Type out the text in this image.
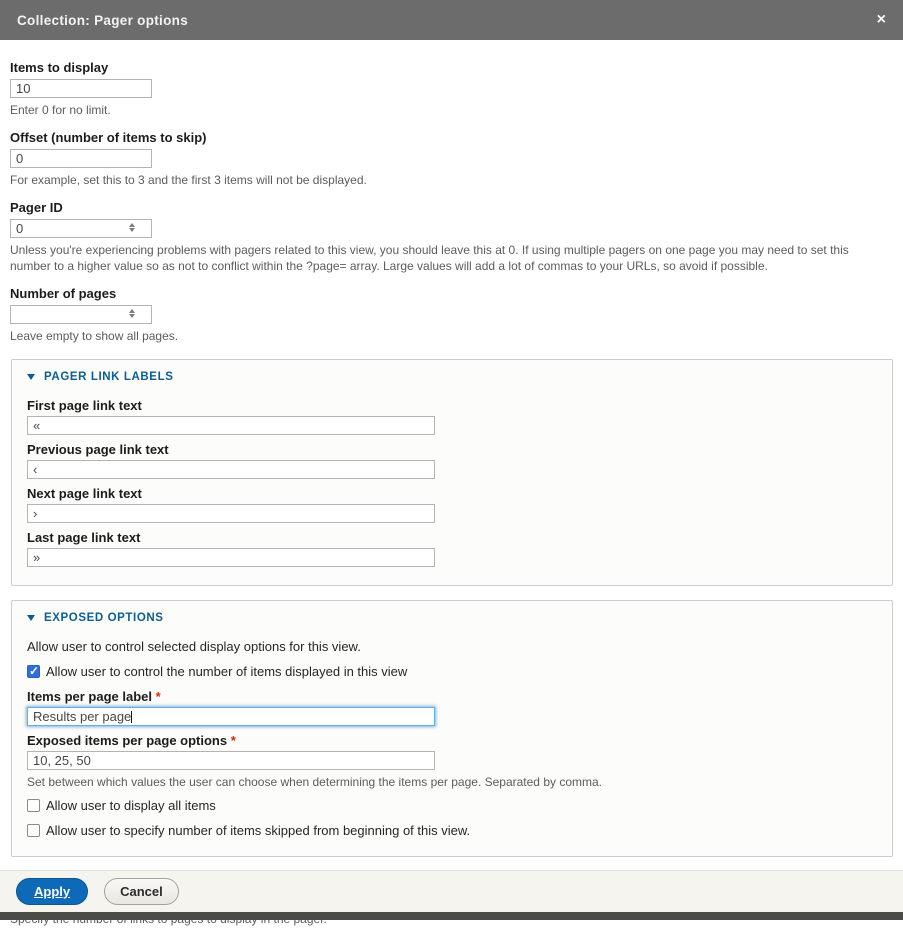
Collection: Pager options	×
Items to display
10
Enter 0 for no limit.
Offset (number of items to skip)
0
For example, set this to 3 and the first 3 items will not be displayed.
Pager ID
0
Unless you're experiencing problems with pagers related to this view, you should leave this at 0. If using multiple pagers on one page you may need to set this number to a higher value so as not to conflict within the ?page= array. Large values will add a lot of commas to your URLs, so avoid if possible.
Number of pages
Leave empty to show all pages.
PAGER LINK LABELS
First page link text
«
Previous page link text
‹
Next page link text
›
Last page link text
»
EXPOSED OPTIONS
Allow user to control selected display options for this view.
✓
Allow user to control the number of items displayed in this view
Items per page label *
Results per page
Exposed items per page options *
10, 25, 50
Set between which values the user can choose when determining the items per page. Separated by comma.
Allow user to display all items
Allow user to specify number of items skipped from beginning of this view.
3
Apply	Cancel
